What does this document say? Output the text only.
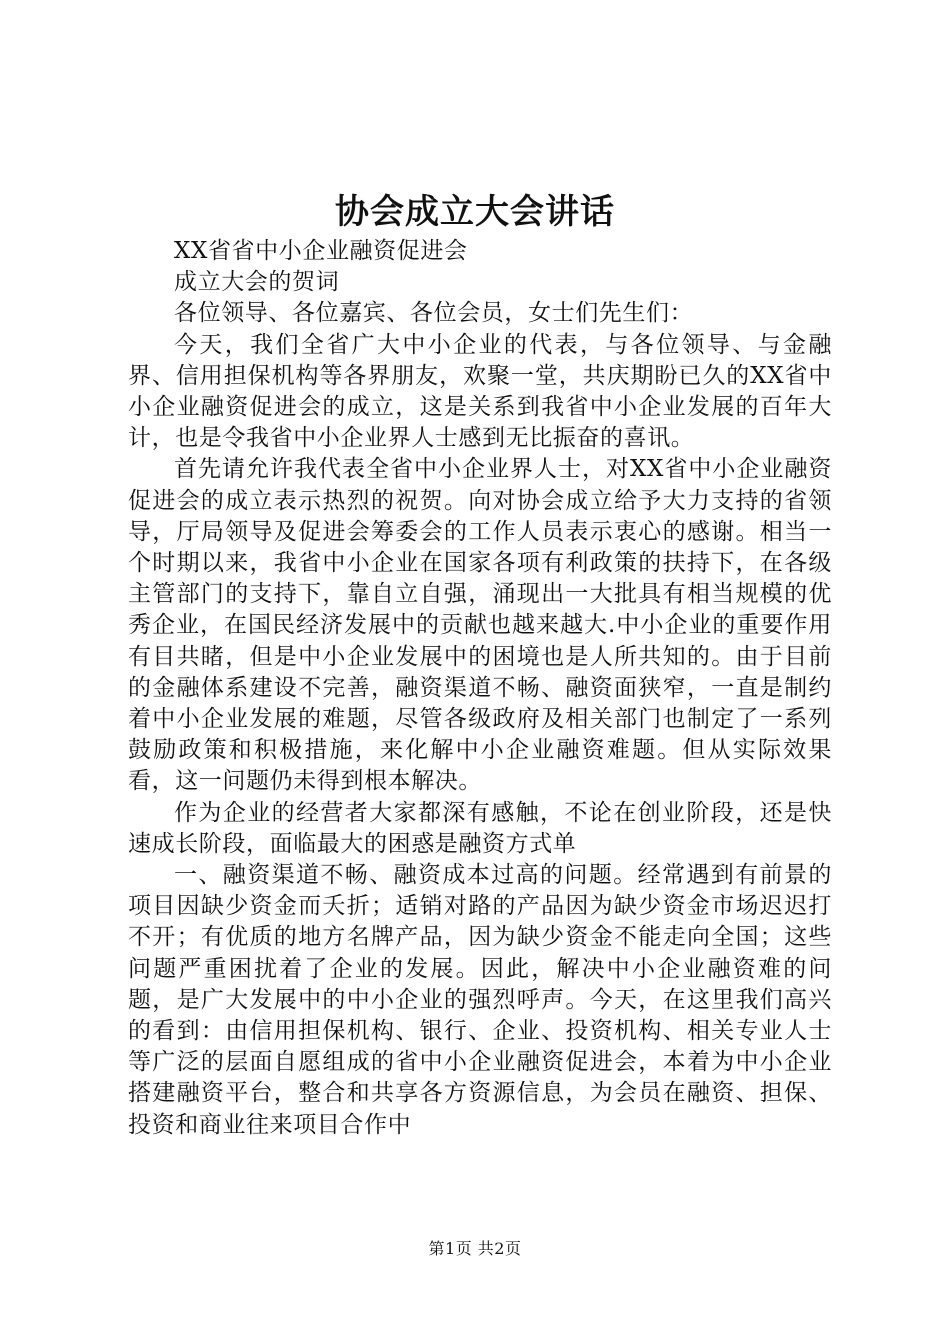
协会成立大会讲话

XX省省中小企业融资促进会

成立大会的贺词

各位领导、各位嘉宾、各位会员，女士们先生们：

今天，我们全省广大中小企业的代表，与各位领导、与金融界、信用担保机构等各界朋友，欢聚一堂，共庆期盼已久的XX省中小企业融资促进会的成立，这是关系到我省中小企业发展的百年大计，也是令我省中小企业界人士感到无比振奋的喜讯。

首先请允许我代表全省中小企业界人士，对XX省中小企业融资促进会的成立表示热烈的祝贺。向对协会成立给予大力支持的省领导，厅局领导及促进会筹委会的工作人员表示衷心的感谢。相当一个时期以来，我省中小企业在国家各项有利政策的扶持下，在各级主管部门的支持下，靠自立自强，涌现出一大批具有相当规模的优秀企业，在国民经济发展中的贡献也越来越大.中小企业的重要作用有目共睹，但是中小企业发展中的困境也是人所共知的。由于目前的金融体系建设不完善，融资渠道不畅、融资面狭窄，一直是制约着中小企业发展的难题，尽管各级政府及相关部门也制定了一系列鼓励政策和积极措施，来化解中小企业融资难题。但从实际效果看，这一问题仍未得到根本解决。

作为企业的经营者大家都深有感触，不论在创业阶段，还是快速成长阶段，面临最大的困惑是融资方式单

一、融资渠道不畅、融资成本过高的问题。经常遇到有前景的项目因缺少资金而夭折；适销对路的产品因为缺少资金市场迟迟打不开；有优质的地方名牌产品，因为缺少资金不能走向全国；这些问题严重困扰着了企业的发展。因此，解决中小企业融资难的问题，是广大发展中的中小企业的强烈呼声。今天，在这里我们高兴的看到：由信用担保机构、银行、企业、投资机构、相关专业人士等广泛的层面自愿组成的省中小企业融资促进会，本着为中小企业搭建融资平台，整合和共享各方资源信息，为会员在融资、担保、投资和商业往来项目合作中

第1页 共2页
